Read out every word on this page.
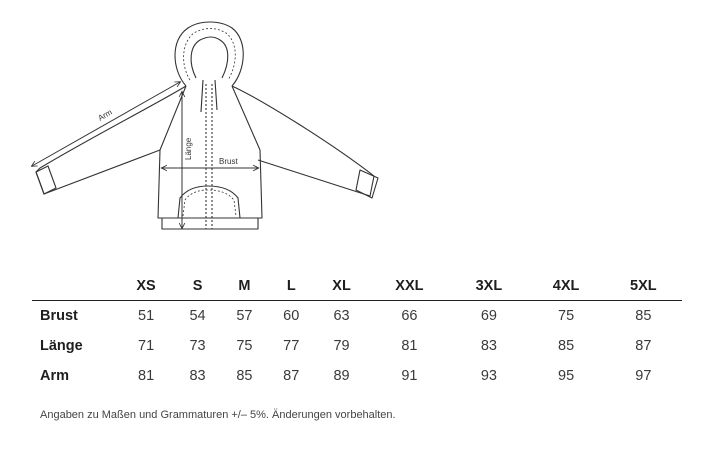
Arm
Länge
Brust
	XS	S	M	L	XL	XXL	3XL	4XL	5XL
Brust	51	54	57	60	63	66	69	75	85
Länge	71	73	75	77	79	81	83	85	87
Arm	81	83	85	87	89	91	93	95	97
Angaben zu Maßen und Grammaturen +/– 5%. Änderungen vorbehalten.
